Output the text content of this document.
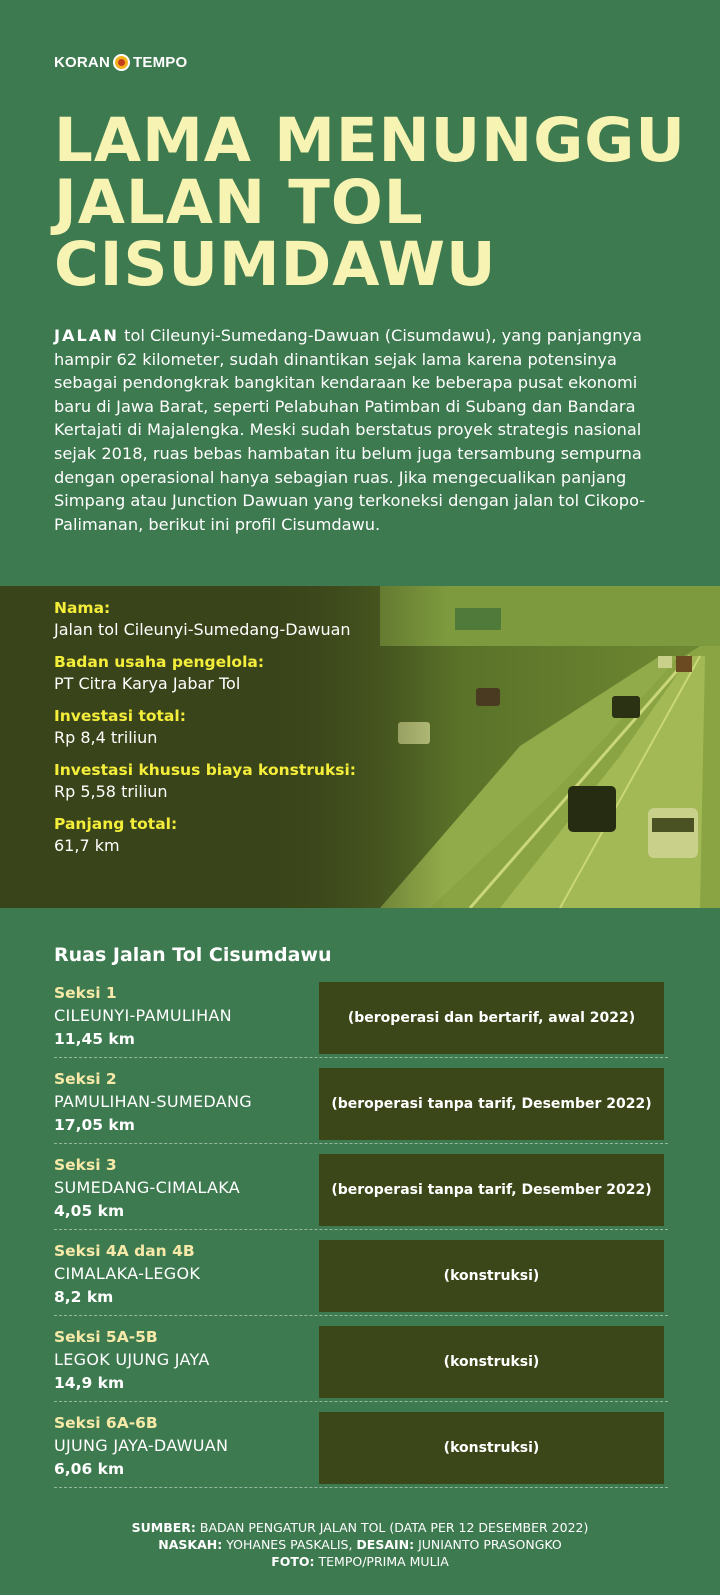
KORAN TEMPO
LAMA MENUNGGU
JALAN TOL
CISUMDAWU

JALAN tol Cileunyi-Sumedang-Dawuan (Cisumdawu), yang panjangnya hampir 62 kilometer, sudah dinantikan sejak lama karena potensinya sebagai pendongkrak bangkitan kendaraan ke beberapa pusat ekonomi baru di Jawa Barat, seperti Pelabuhan Patimban di Subang dan Bandara Kertajati di Majalengka. Meski sudah berstatus proyek strategis nasional sejak 2018, ruas bebas hambatan itu belum juga tersambung sempurna dengan operasional hanya sebagian ruas. Jika mengecualikan panjang Simpang atau Junction Dawuan yang terkoneksi dengan jalan tol Cikopo-Palimanan, berikut ini profil Cisumdawu.

Nama:
Jalan tol Cileunyi-Sumedang-Dawuan
Badan usaha pengelola:
PT Citra Karya Jabar Tol
Investasi total:
Rp 8,4 triliun
Investasi khusus biaya konstruksi:
Rp 5,58 triliun
Panjang total:
61,7 km
Ruas Jalan Tol Cisumdawu
Seksi 1
CILEUNYI-PAMULIHAN
11,45 km
(beroperasi dan bertarif, awal 2022)
Seksi 2
PAMULIHAN-SUMEDANG
17,05 km
(beroperasi tanpa tarif, Desember 2022)
Seksi 3
SUMEDANG-CIMALAKA
4,05 km
(beroperasi tanpa tarif, Desember 2022)
Seksi 4A dan 4B
CIMALAKA-LEGOK
8,2 km
(konstruksi)
Seksi 5A-5B
LEGOK UJUNG JAYA
14,9 km
(konstruksi)
Seksi 6A-6B
UJUNG JAYA-DAWUAN
6,06 km
(konstruksi)
SUMBER: BADAN PENGATUR JALAN TOL (DATA PER 12 DESEMBER 2022)
NASKAH: YOHANES PASKALIS, DESAIN: JUNIANTO PRASONGKO
FOTO: TEMPO/PRIMA MULIA
